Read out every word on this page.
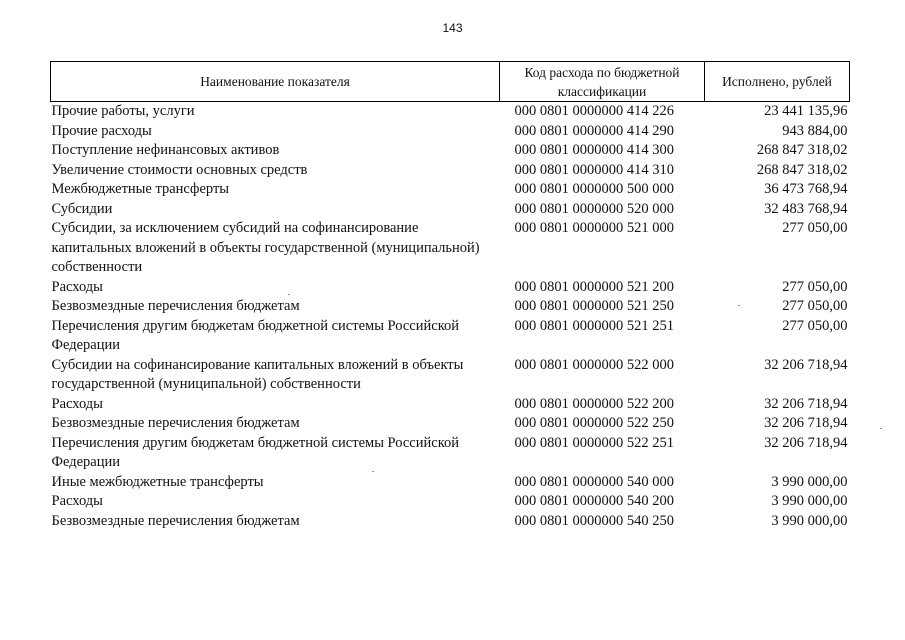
143
Наименование показателя	Код расхода по бюджетной классификации	Исполнено, рублей
Прочие работы, услуги	000 0801 0000000 414 226	23 441 135,96
Прочие расходы	000 0801 0000000 414 290	943 884,00
Поступление нефинансовых активов	000 0801 0000000 414 300	268 847 318,02
Увеличение стоимости основных средств	000 0801 0000000 414 310	268 847 318,02
Межбюджетные трансферты	000 0801 0000000 500 000	36 473 768,94
Субсидии	000 0801 0000000 520 000	32 483 768,94
Субсидии, за исключением субсидий на софинансирование капитальных вложений в объекты государственной (муниципальной) собственности	000 0801 0000000 521 000	277 050,00
Расходы	000 0801 0000000 521 200	277 050,00
Безвозмездные перечисления бюджетам	000 0801 0000000 521 250	277 050,00
Перечисления другим бюджетам бюджетной системы Российской Федерации	000 0801 0000000 521 251	277 050,00
Субсидии на софинансирование капитальных вложений в объекты государственной (муниципальной) собственности	000 0801 0000000 522 000	32 206 718,94
Расходы	000 0801 0000000 522 200	32 206 718,94
Безвозмездные перечисления бюджетам	000 0801 0000000 522 250	32 206 718,94
Перечисления другим бюджетам бюджетной системы Российской Федерации	000 0801 0000000 522 251	32 206 718,94
Иные межбюджетные трансферты	000 0801 0000000 540 000	3 990 000,00
Расходы	000 0801 0000000 540 200	3 990 000,00
Безвозмездные перечисления бюджетам	000 0801 0000000 540 250	3 990 000,00
